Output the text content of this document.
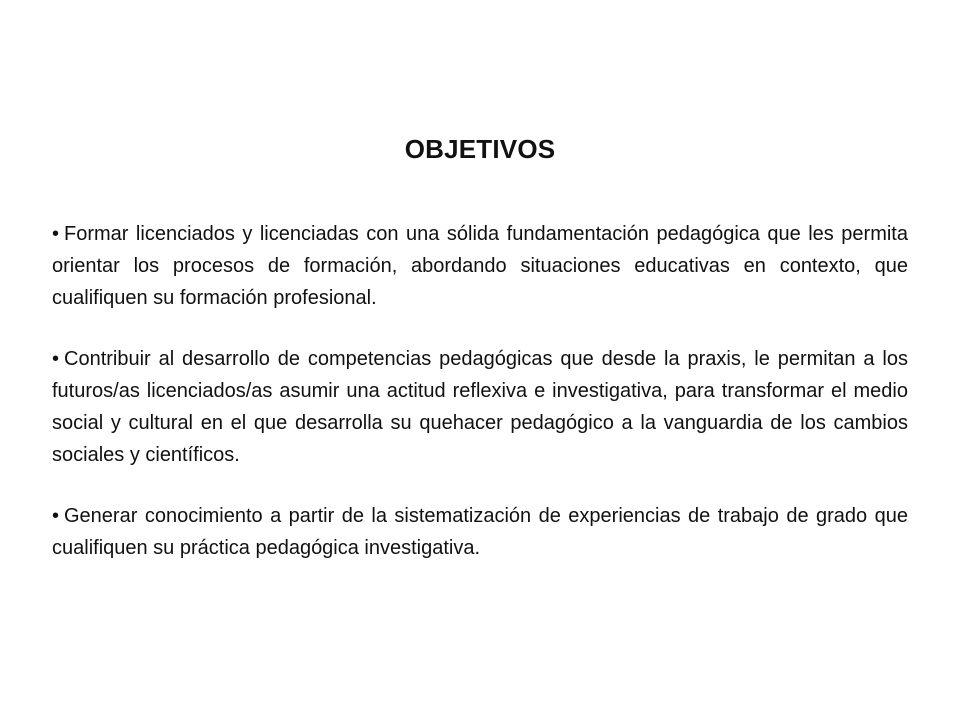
OBJETIVOS

• Formar licenciados y licenciadas con una sólida fundamentación pedagógica que les permita orientar los procesos de formación, abordando situaciones educativas en contexto, que cualifiquen su formación profesional.

• Contribuir al desarrollo de competencias pedagógicas que desde la praxis, le permitan a los futuros/as licenciados/as asumir una actitud reflexiva e investigativa, para transformar el medio social y cultural en el que desarrolla su quehacer pedagógico a la vanguardia de los cambios sociales y científicos.

• Generar conocimiento a partir de la sistematización de experiencias de trabajo de grado que cualifiquen su práctica pedagógica investigativa.
